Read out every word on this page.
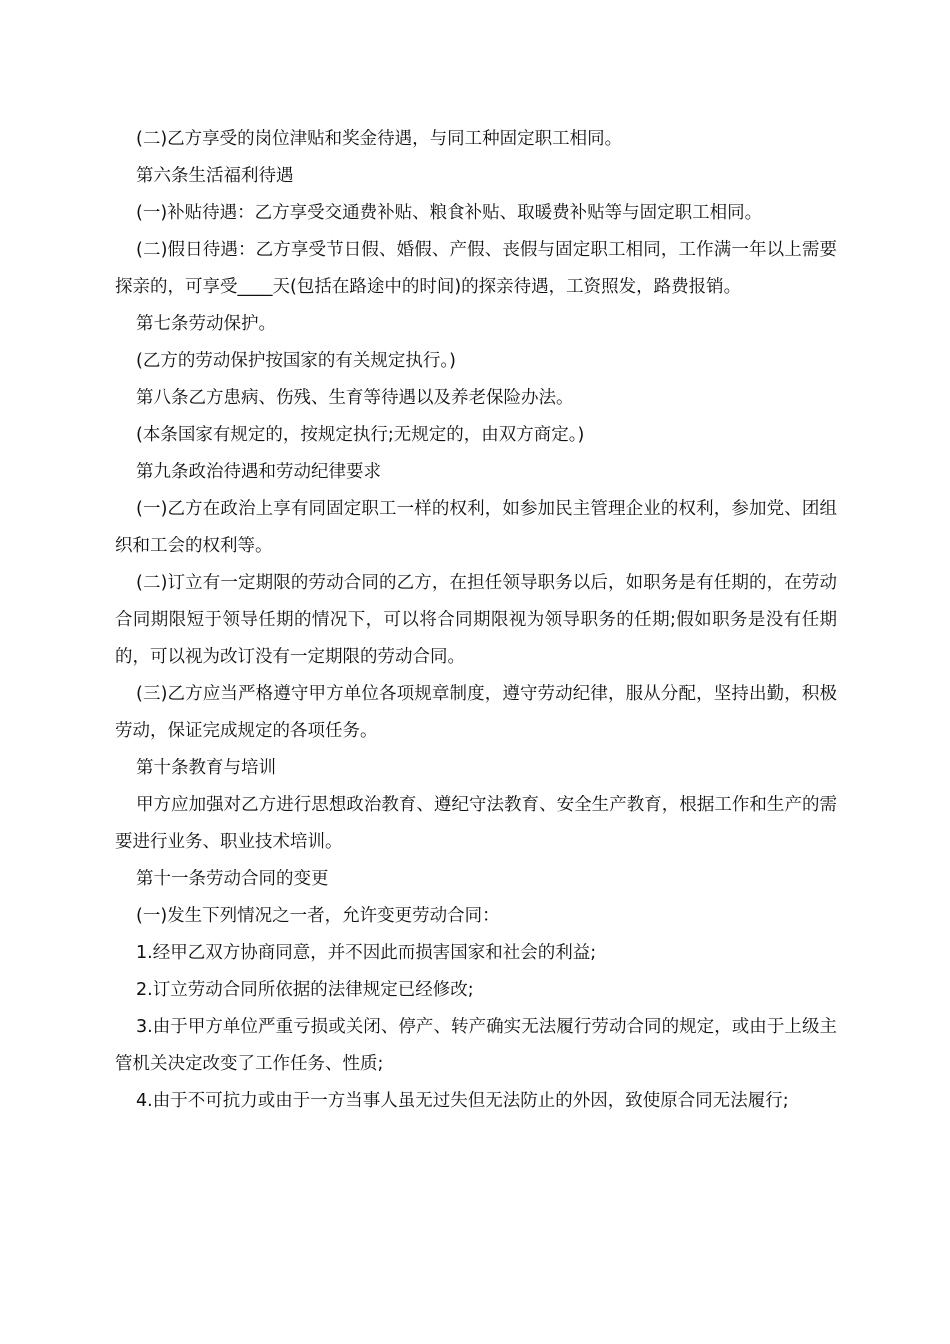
(二)乙方享受的岗位津贴和奖金待遇，与同工种固定职工相同。

第六条生活福利待遇

(一)补贴待遇：乙方享受交通费补贴、粮食补贴、取暖费补贴等与固定职工相同。

(二)假日待遇：乙方享受节日假、婚假、产假、丧假与固定职工相同，工作满一年以上需要探亲的，可享受____天(包括在路途中的时间)的探亲待遇，工资照发，路费报销。

第七条劳动保护。

(乙方的劳动保护按国家的有关规定执行。)

第八条乙方患病、伤残、生育等待遇以及养老保险办法。

(本条国家有规定的，按规定执行;无规定的，由双方商定。)

第九条政治待遇和劳动纪律要求

(一)乙方在政治上享有同固定职工一样的权利，如参加民主管理企业的权利，参加党、团组织和工会的权利等。

(二)订立有一定期限的劳动合同的乙方，在担任领导职务以后，如职务是有任期的，在劳动合同期限短于领导任期的情况下，可以将合同期限视为领导职务的任期;假如职务是没有任期的，可以视为改订没有一定期限的劳动合同。

(三)乙方应当严格遵守甲方单位各项规章制度，遵守劳动纪律，服从分配，坚持出勤，积极劳动，保证完成规定的各项任务。

第十条教育与培训

甲方应加强对乙方进行思想政治教育、遵纪守法教育、安全生产教育，根据工作和生产的需要进行业务、职业技术培训。

第十一条劳动合同的变更

(一)发生下列情况之一者，允许变更劳动合同：

1.经甲乙双方协商同意，并不因此而损害国家和社会的利益;

2.订立劳动合同所依据的法律规定已经修改;

3.由于甲方单位严重亏损或关闭、停产、转产确实无法履行劳动合同的规定，或由于上级主管机关决定改变了工作任务、性质;

4.由于不可抗力或由于一方当事人虽无过失但无法防止的外因，致使原合同无法履行;
